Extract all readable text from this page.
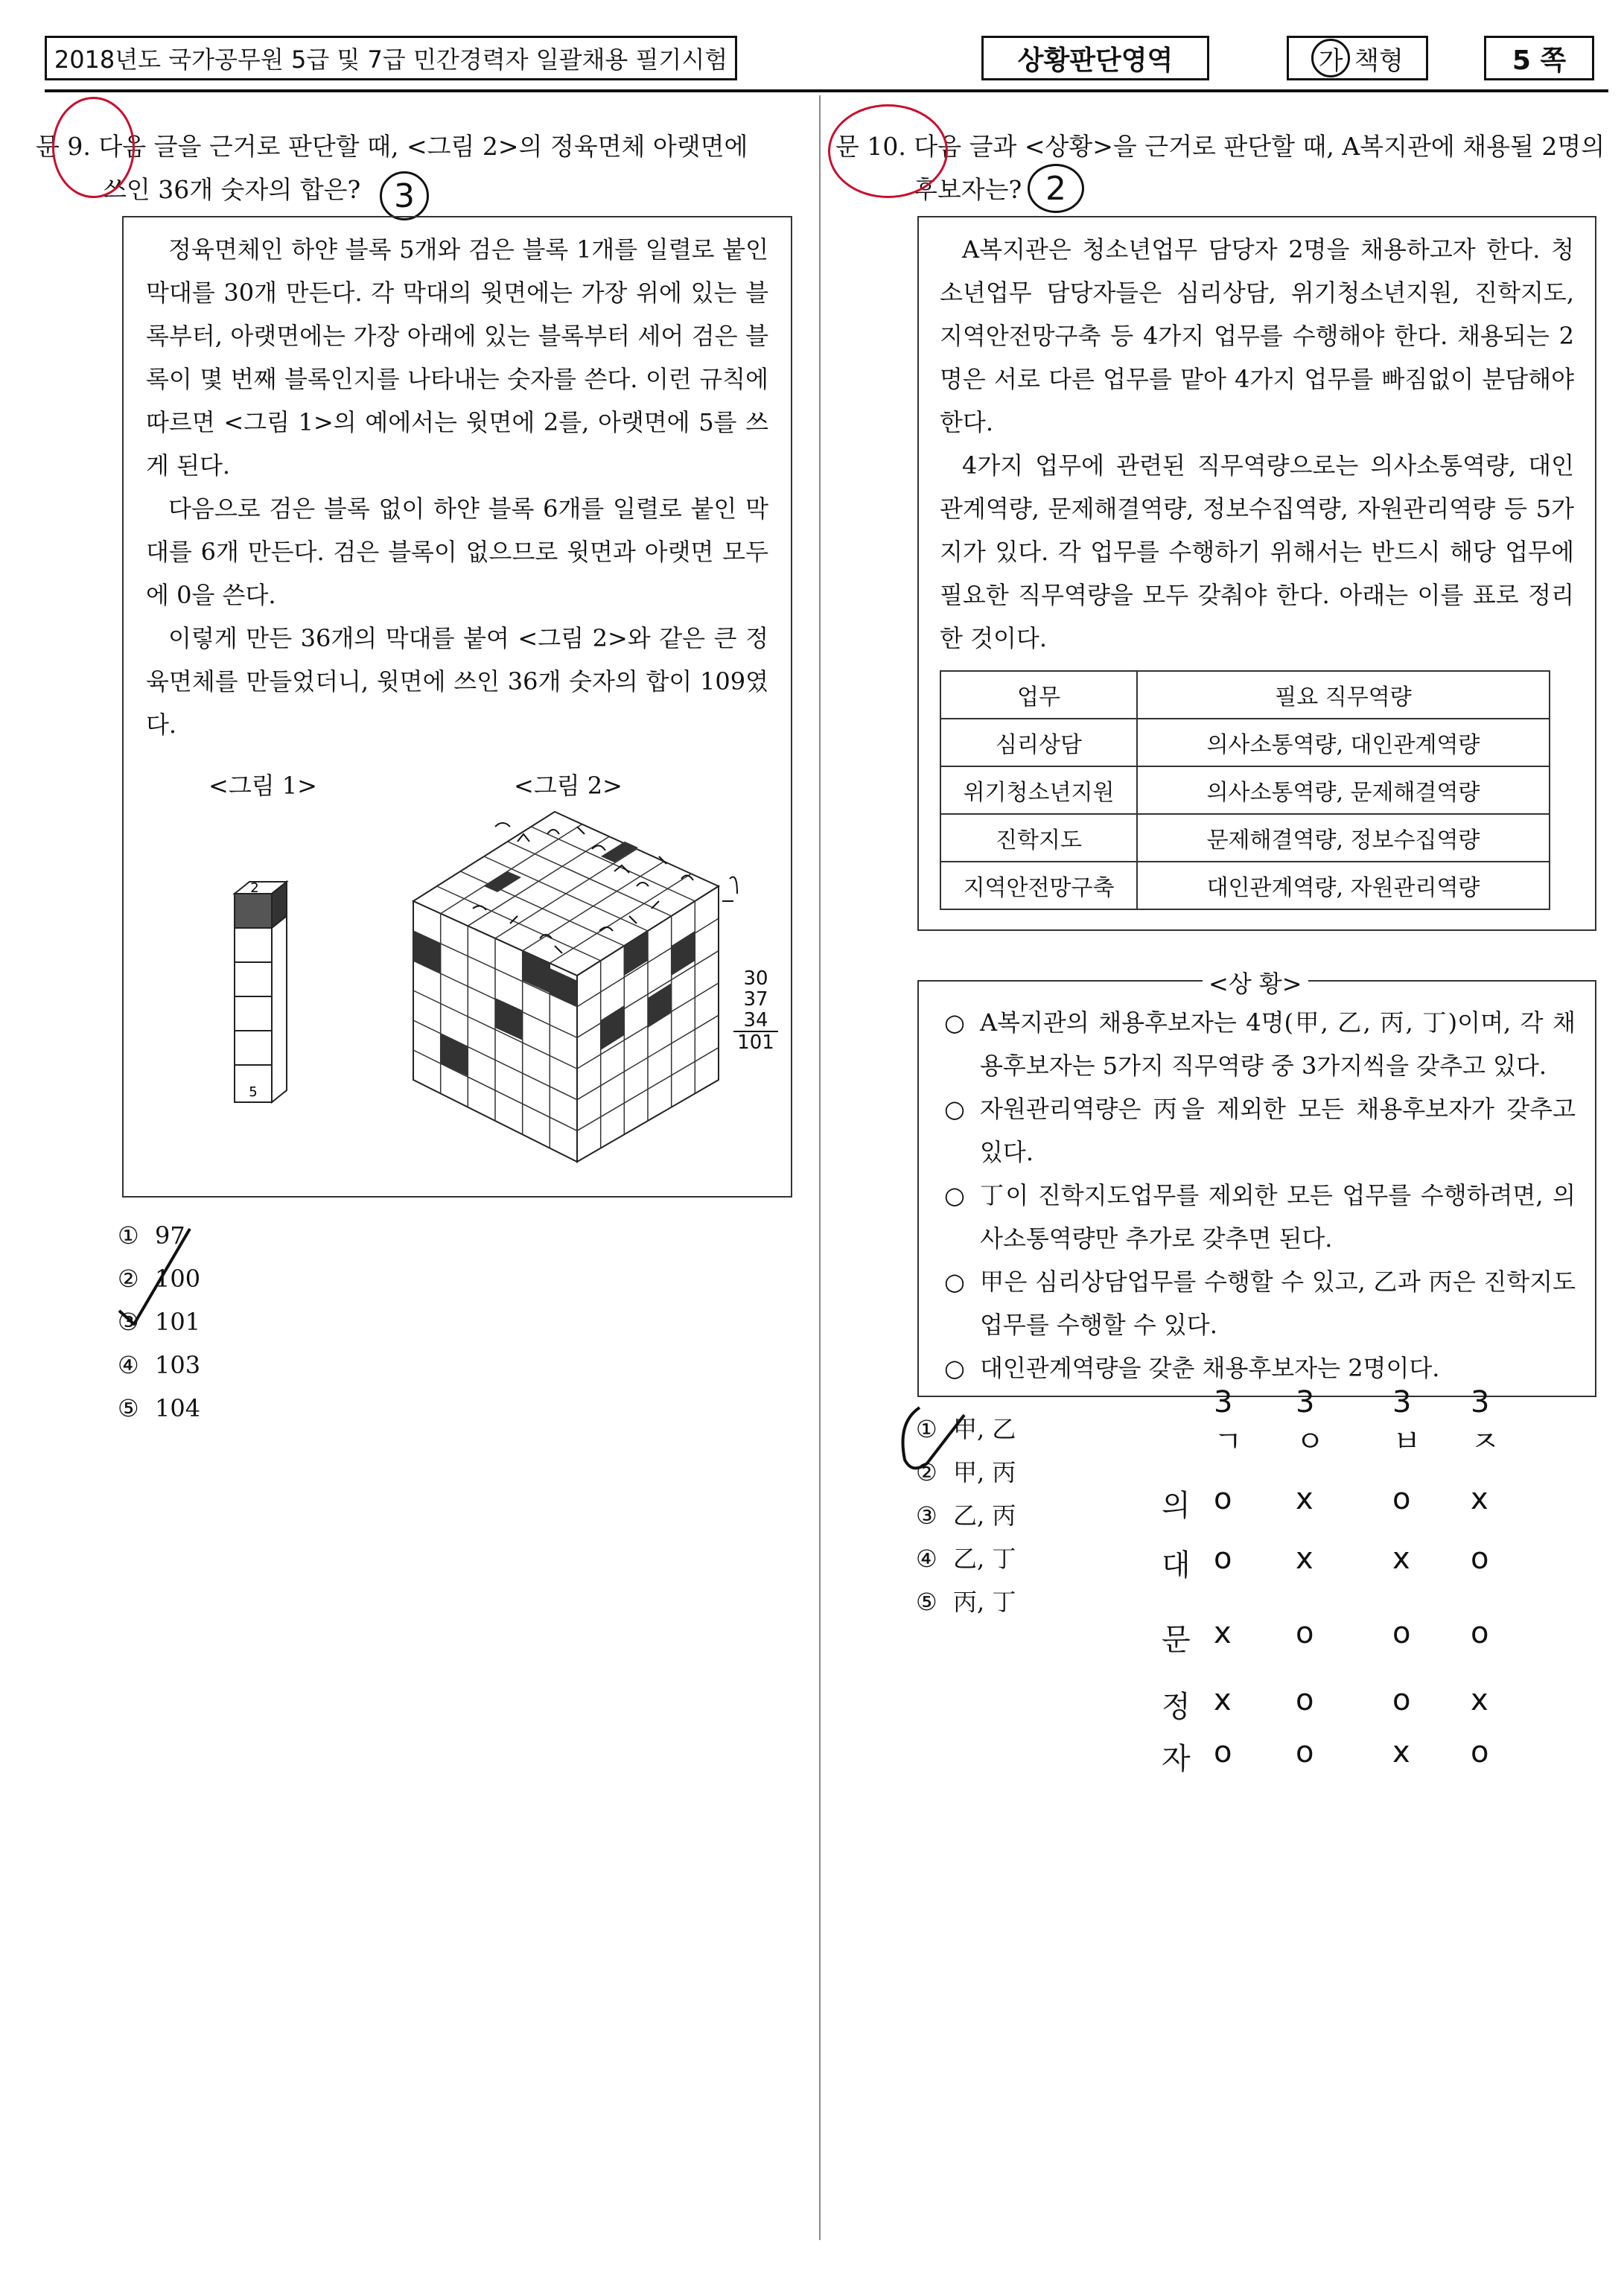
2018년도 국가공무원 5급 및 7급 민간경력자 일괄채용 필기시험	상황판단영역	가 책형	5 쪽
문 9. 다음 글을 근거로 판단할 때, <그림 2>의 정육면체 아랫면에
쓰인 36개 숫자의 합은?	3

정육면체인 하얀 블록 5개와 검은 블록 1개를 일렬로 붙인 막대를 30개 만든다. 각 막대의 윗면에는 가장 위에 있는 블록부터, 아랫면에는 가장 아래에 있는 블록부터 세어 검은 블록이 몇 번째 블록인지를 나타내는 숫자를 쓴다. 이런 규칙에 따르면 <그림 1>의 예에서는 윗면에 2를, 아랫면에 5를 쓰게 된다.

다음으로 검은 블록 없이 하얀 블록 6개를 일렬로 붙인 막대를 6개 만든다. 검은 블록이 없으므로 윗면과 아랫면 모두에 0을 쓴다.

이렇게 만든 36개의 막대를 붙여 <그림 2>와 같은 큰 정육면체를 만들었더니, 윗면에 쓰인 36개 숫자의 합이 109였다.

<그림 1>	<그림 2>
2
5
30
37
34
101
① 97
② 100
③ 101
④ 103
⑤ 104
문 10. 다음 글과 <상황>을 근거로 판단할 때, A복지관에 채용될 2명의
후보자는? 2

A복지관은 청소년업무 담당자 2명을 채용하고자 한다. 청소년업무 담당자들은 심리상담, 위기청소년지원, 진학지도, 지역안전망구축 등 4가지 업무를 수행해야 한다. 채용되는 2명은 서로 다른 업무를 맡아 4가지 업무를 빠짐없이 분담해야 한다.

4가지 업무에 관련된 직무역량으로는 의사소통역량, 대인관계역량, 문제해결역량, 정보수집역량, 자원관리역량 등 5가지가 있다. 각 업무를 수행하기 위해서는 반드시 해당 업무에 필요한 직무역량을 모두 갖춰야 한다. 아래는 이를 표로 정리한 것이다.

업무	필요 직무역량
심리상담	의사소통역량, 대인관계역량
위기청소년지원	의사소통역량, 문제해결역량
진학지도	문제해결역량, 정보수집역량
지역안전망구축	대인관계역량, 자원관리역량
<상 황>
○ A복지관의 채용후보자는 4명(甲, 乙, 丙, 丁)이며, 각 채용후보자는 5가지 직무역량 중 3가지씩을 갖추고 있다.
○ 자원관리역량은 丙을 제외한 모든 채용후보자가 갖추고 있다.
○ 丁이 진학지도업무를 제외한 모든 업무를 수행하려면, 의사소통역량만 추가로 갖추면 된다.
○ 甲은 심리상담업무를 수행할 수 있고, 乙과 丙은 진학지도 업무를 수행할 수 있다.
○ 대인관계역량을 갖춘 채용후보자는 2명이다.
① 甲, 乙
② 甲, 丙
③ 乙, 丙
④ 乙, 丁
⑤ 丙, 丁
3 3	3 3
ㄱ ㅇ ㅂ ㅈ
의 o x	o x
대 o x	x o
문 x o	o o
정 x o	o x
자 o o	x o
